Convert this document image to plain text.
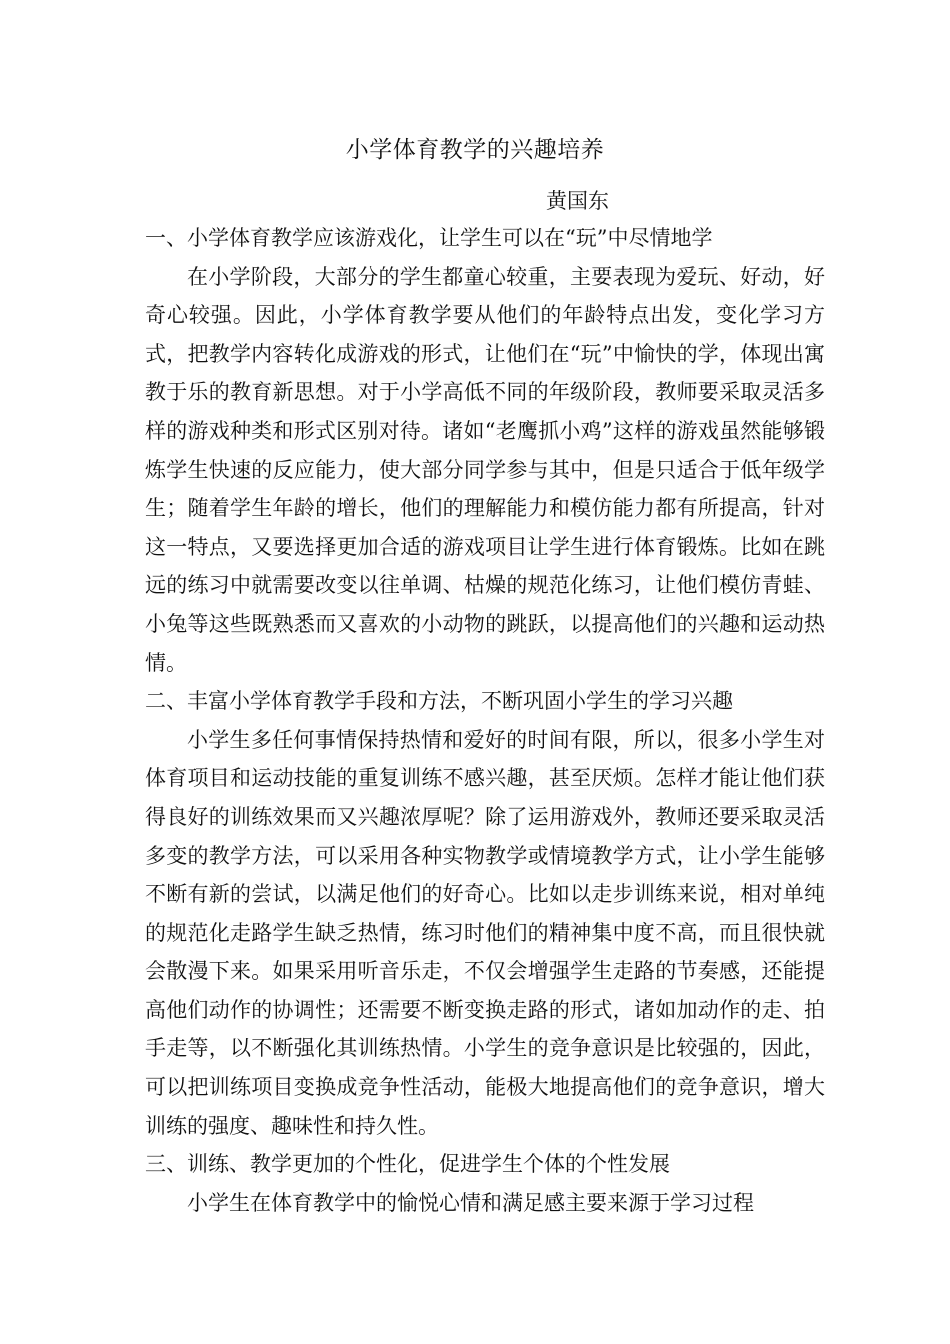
小学体育教学的兴趣培养
黄国东

一、小学体育教学应该游戏化，让学生可以在“玩”中尽情地学

在小学阶段，大部分的学生都童心较重，主要表现为爱玩、好动，好奇心较强。因此，小学体育教学要从他们的年龄特点出发，变化学习方式，把教学内容转化成游戏的形式，让他们在“玩”中愉快的学，体现出寓教于乐的教育新思想。对于小学高低不同的年级阶段，教师要采取灵活多样的游戏种类和形式区别对待。诸如“老鹰抓小鸡”这样的游戏虽然能够锻炼学生快速的反应能力，使大部分同学参与其中，但是只适合于低年级学生；随着学生年龄的增长，他们的理解能力和模仿能力都有所提高，针对这一特点，又要选择更加合适的游戏项目让学生进行体育锻炼。比如在跳远的练习中就需要改变以往单调、枯燥的规范化练习，让他们模仿青蛙、小兔等这些既熟悉而又喜欢的小动物的跳跃，以提高他们的兴趣和运动热情。

二、丰富小学体育教学手段和方法，不断巩固小学生的学习兴趣

小学生多任何事情保持热情和爱好的时间有限，所以，很多小学生对体育项目和运动技能的重复训练不感兴趣，甚至厌烦。怎样才能让他们获得良好的训练效果而又兴趣浓厚呢？除了运用游戏外，教师还要采取灵活多变的教学方法，可以采用各种实物教学或情境教学方式，让小学生能够不断有新的尝试，以满足他们的好奇心。比如以走步训练来说，相对单纯的规范化走路学生缺乏热情，练习时他们的精神集中度不高，而且很快就会散漫下来。如果采用听音乐走，不仅会增强学生走路的节奏感，还能提高他们动作的协调性；还需要不断变换走路的形式，诸如加动作的走、拍手走等，以不断强化其训练热情。小学生的竞争意识是比较强的，因此，可以把训练项目变换成竞争性活动，能极大地提高他们的竞争意识，增大训练的强度、趣味性和持久性。

三、训练、教学更加的个性化，促进学生个体的个性发展

小学生在体育教学中的愉悦心情和满足感主要来源于学习过程
